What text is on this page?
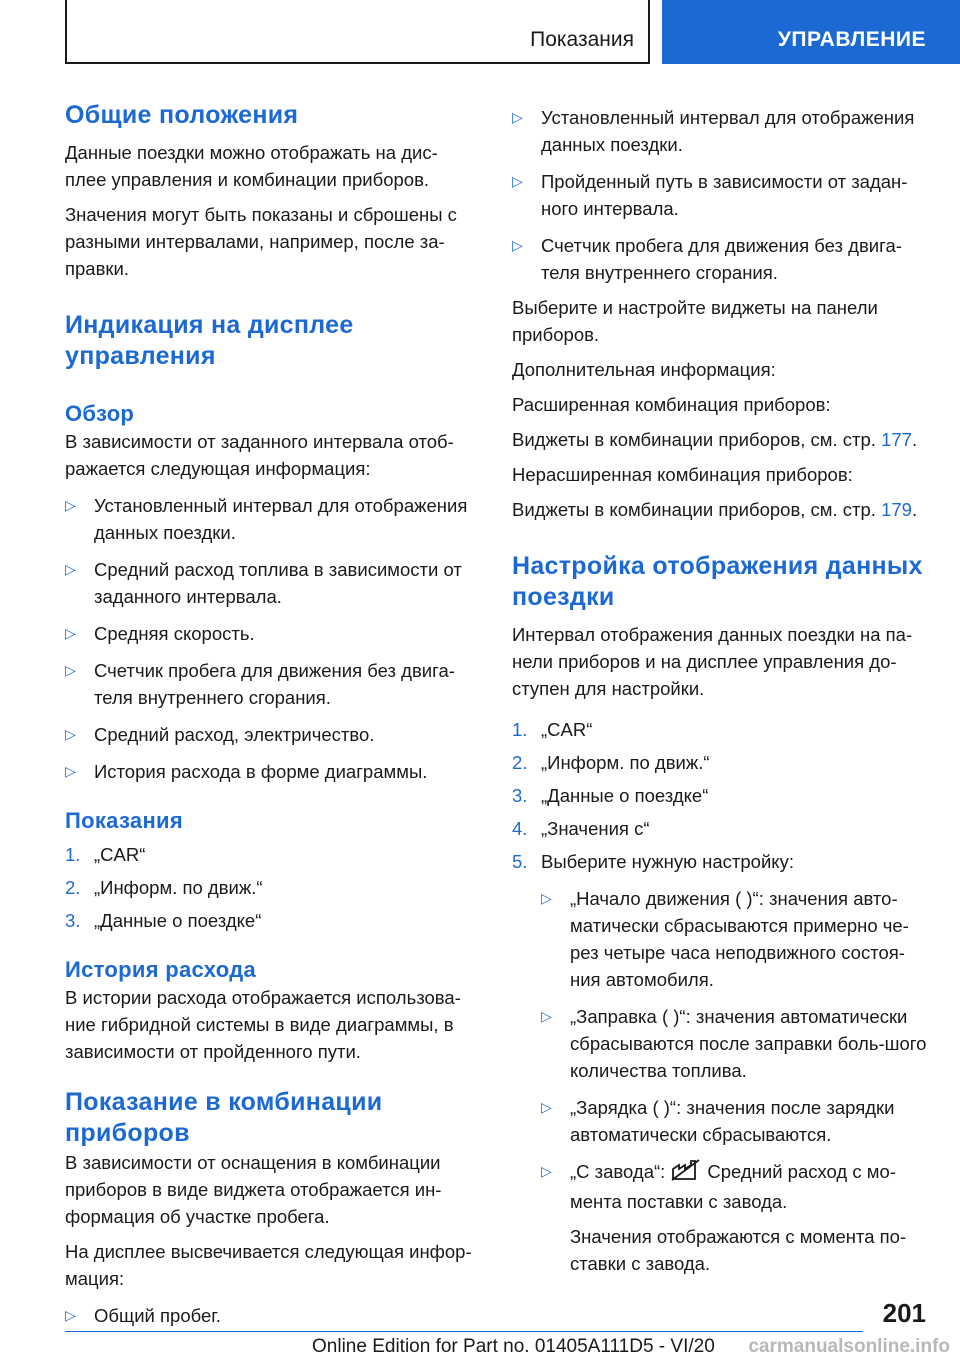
Показания	УПРАВЛЕНИЕ
Общие положения

Данные поездки можно отображать на дис-плее управления и комбинации приборов.

Значения могут быть показаны и сброшены с разными интервалами, например, после за-правки.

Индикация на дисплее управления
Обзор

В зависимости от заданного интервала отоб-ражается следующая информация:

▷ Установленный интервал для отображения данных поездки.
▷ Средний расход топлива в зависимости от заданного интервала.
▷ Средняя скорость.
▷ Счетчик пробега для движения без двига-теля внутреннего сгорания.
▷ Средний расход, электричество.
▷ История расхода в форме диаграммы.
Показания
1. „CAR“
2. „Информ. по движ.“
3. „Данные о поездке“
История расхода

В истории расхода отображается использова-ние гибридной системы в виде диаграммы, в зависимости от пройденного пути.

Показание в комбинации приборов

В зависимости от оснащения в комбинации приборов в виде виджета отображается ин-формация об участке пробега.

На дисплее высвечивается следующая инфор-мация:

▷ Общий пробег.
▷ Установленный интервал для отображения данных поездки.
▷ Пройденный путь в зависимости от задан-ного интервала.
▷ Счетчик пробега для движения без двига-теля внутреннего сгорания.

Выберите и настройте виджеты на панели приборов.

Дополнительная информация:

Расширенная комбинация приборов:

Виджеты в комбинации приборов, см. стр. 177.

Нерасширенная комбинация приборов:

Виджеты в комбинации приборов, см. стр. 179.

Настройка отображения данных поездки

Интервал отображения данных поездки на па-нели приборов и на дисплее управления до-ступен для настройки.

1. „CAR“
2. „Информ. по движ.“
3. „Данные о поездке“
4. „Значения с“
5. Выберите нужную настройку:
▷ „Начало движения ( )“: значения авто-матически сбрасываются примерно че-рез четыре часа неподвижного состоя-ния автомобиля.
▷ „Заправка ( )“: значения автоматически сбрасываются после заправки боль-шого количества топлива.
▷ „Зарядка ( )“: значения после зарядки автоматически сбрасываются.
▷ „С завода“: Средний расход с мо-мента поставки с завода.

Значения отображаются с момента по-ставки с завода.

201
Online Edition for Part no. 01405A111D5 - VI/20 carmanualsonline.info
